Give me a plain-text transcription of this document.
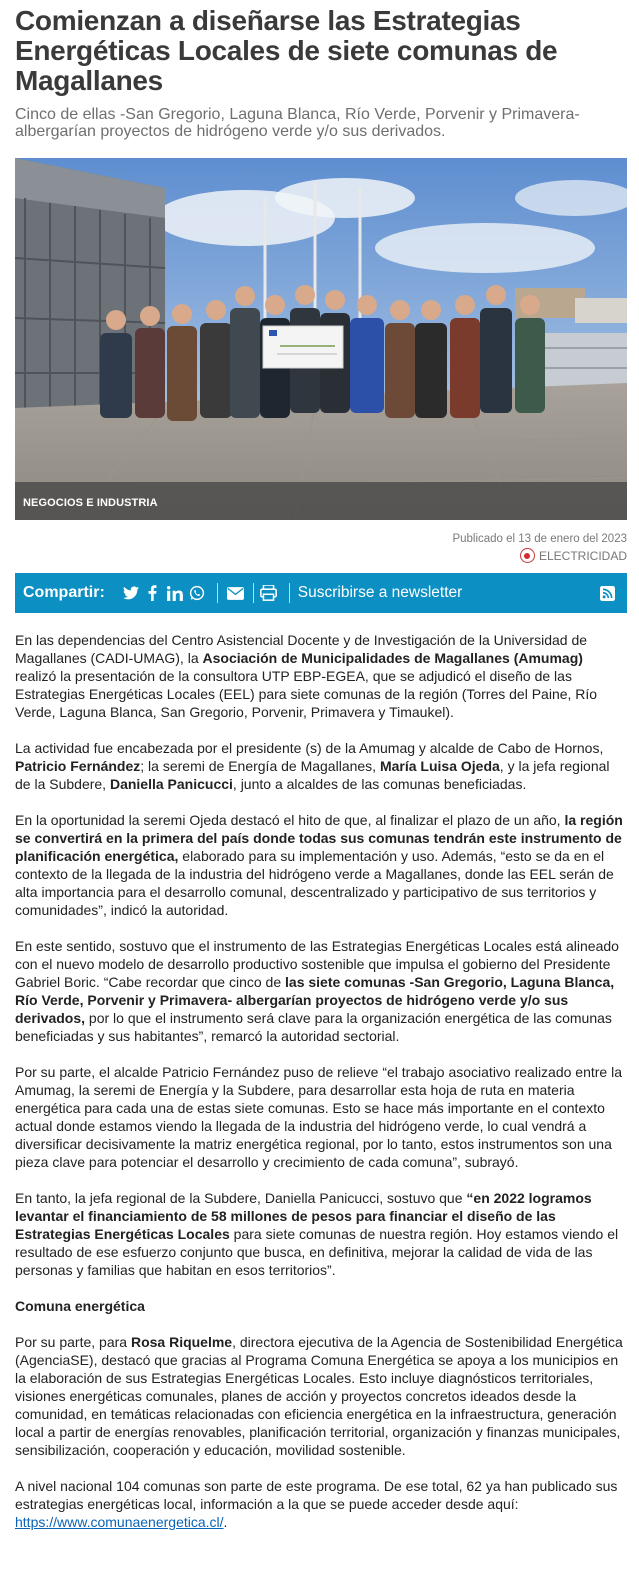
Comienzan a diseñarse las Estrategias Energéticas Locales de siete comunas de Magallanes

Cinco de ellas -San Gregorio, Laguna Blanca, Río Verde, Porvenir y Primavera- albergarían proyectos de hidrógeno verde y/o sus derivados.

NEGOCIOS E INDUSTRIA
Publicado el 13 de enero del 2023
ELECTRICIDAD
Compartir:	Suscribirse a newsletter

En las dependencias del Centro Asistencial Docente y de Investigación de la Universidad de Magallanes (CADI-UMAG), la Asociación de Municipalidades de Magallanes (Amumag) realizó la presentación de la consultora UTP EBP-EGEA, que se adjudicó el diseño de las Estrategias Energéticas Locales (EEL) para siete comunas de la región (Torres del Paine, Río Verde, Laguna Blanca, San Gregorio, Porvenir, Primavera y Timaukel).

La actividad fue encabezada por el presidente (s) de la Amumag y alcalde de Cabo de Hornos, Patricio Fernández; la seremi de Energía de Magallanes, María Luisa Ojeda, y la jefa regional de la Subdere, Daniella Panicucci, junto a alcaldes de las comunas beneficiadas.

En la oportunidad la seremi Ojeda destacó el hito de que, al finalizar el plazo de un año, la región se convertirá en la primera del país donde todas sus comunas tendrán este instrumento de planificación energética, elaborado para su implementación y uso. Además, “esto se da en el contexto de la llegada de la industria del hidrógeno verde a Magallanes, donde las EEL serán de alta importancia para el desarrollo comunal, descentralizado y participativo de sus territorios y comunidades”, indicó la autoridad.

En este sentido, sostuvo que el instrumento de las Estrategias Energéticas Locales está alineado con el nuevo modelo de desarrollo productivo sostenible que impulsa el gobierno del Presidente Gabriel Boric. “Cabe recordar que cinco de las siete comunas -San Gregorio, Laguna Blanca, Río Verde, Porvenir y Primavera- albergarían proyectos de hidrógeno verde y/o sus derivados, por lo que el instrumento será clave para la organización energética de las comunas beneficiadas y sus habitantes”, remarcó la autoridad sectorial.

Por su parte, el alcalde Patricio Fernández puso de relieve “el trabajo asociativo realizado entre la Amumag, la seremi de Energía y la Subdere, para desarrollar esta hoja de ruta en materia energética para cada una de estas siete comunas. Esto se hace más importante en el contexto actual donde estamos viendo la llegada de la industria del hidrógeno verde, lo cual vendrá a diversificar decisivamente la matriz energética regional, por lo tanto, estos instrumentos son una pieza clave para potenciar el desarrollo y crecimiento de cada comuna”, subrayó.

En tanto, la jefa regional de la Subdere, Daniella Panicucci, sostuvo que “en 2022 logramos levantar el financiamiento de 58 millones de pesos para financiar el diseño de las Estrategias Energéticas Locales para siete comunas de nuestra región. Hoy estamos viendo el resultado de ese esfuerzo conjunto que busca, en definitiva, mejorar la calidad de vida de las personas y familias que habitan en esos territorios”.

Comuna energética

Por su parte, para Rosa Riquelme, directora ejecutiva de la Agencia de Sostenibilidad Energética (AgenciaSE), destacó que gracias al Programa Comuna Energética se apoya a los municipios en la elaboración de sus Estrategias Energéticas Locales. Esto incluye diagnósticos territoriales, visiones energéticas comunales, planes de acción y proyectos concretos ideados desde la comunidad, en temáticas relacionadas con eficiencia energética en la infraestructura, generación local a partir de energías renovables, planificación territorial, organización y finanzas municipales, sensibilización, cooperación y educación, movilidad sostenible.

A nivel nacional 104 comunas son parte de este programa. De ese total, 62 ya han publicado sus estrategias energéticas local, información a la que se puede acceder desde aquí: https://www.comunaenergetica.cl/.
